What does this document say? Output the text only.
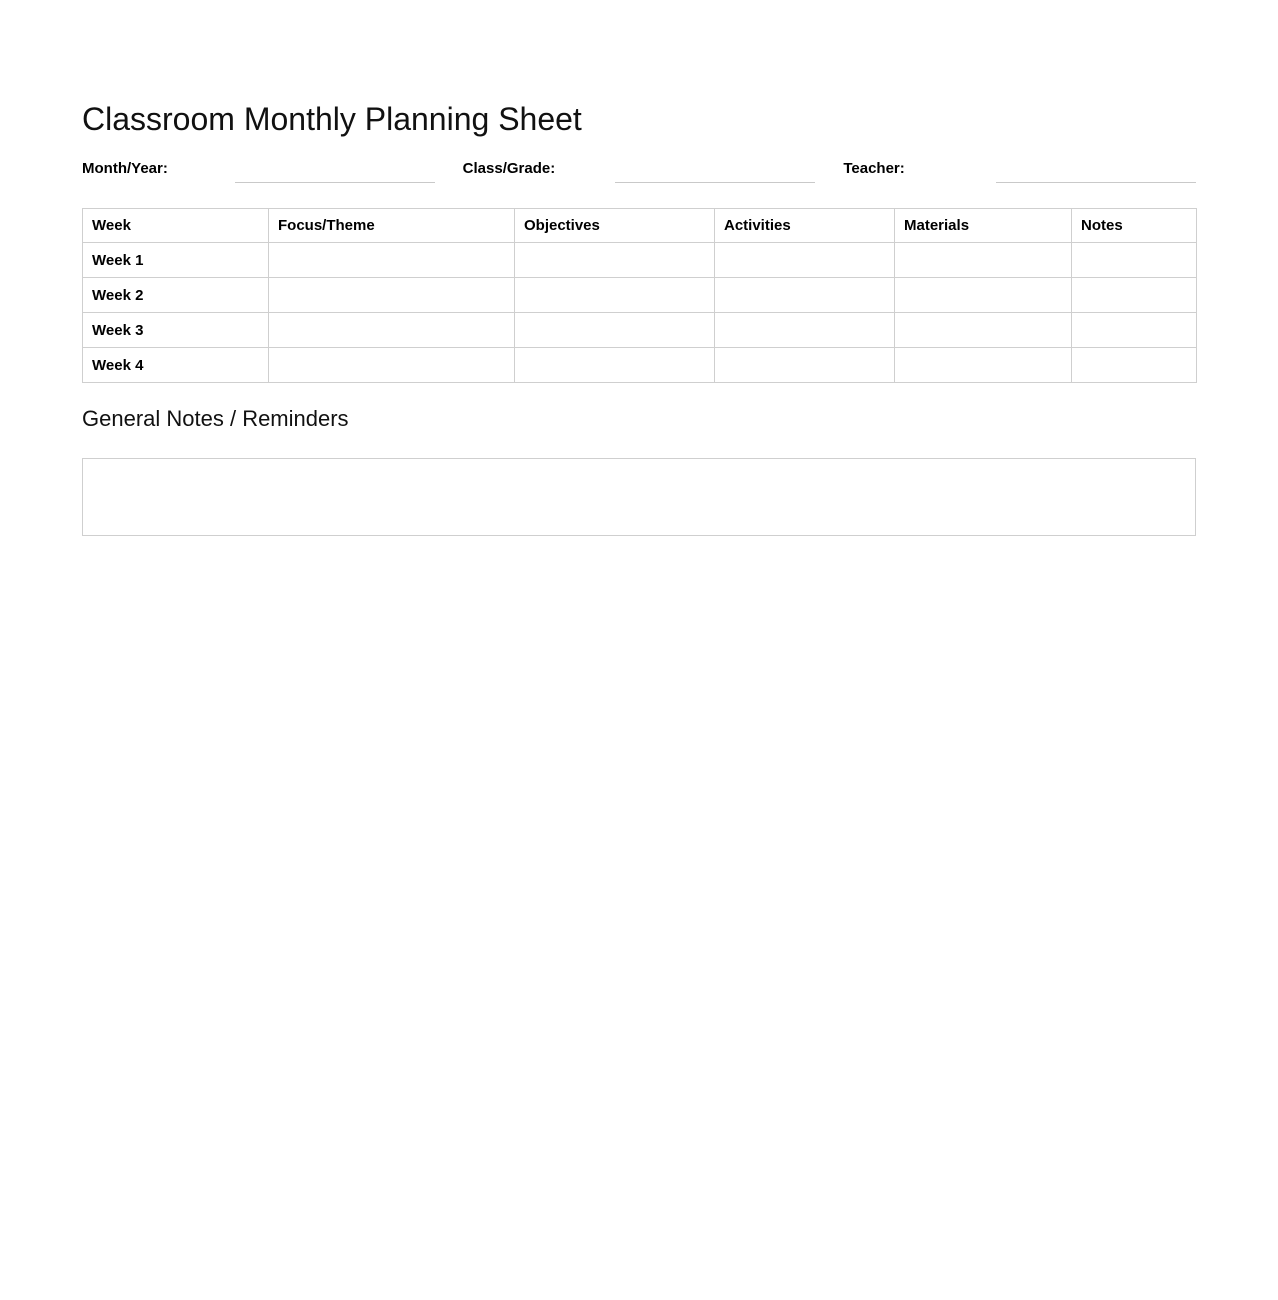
Classroom Monthly Planning Sheet
Month/Year:	Class/Grade:	Teacher:
Week	Focus/Theme	Objectives	Activities	Materials	Notes
Week 1					
Week 2					
Week 3					
Week 4					
General Notes / Reminders
